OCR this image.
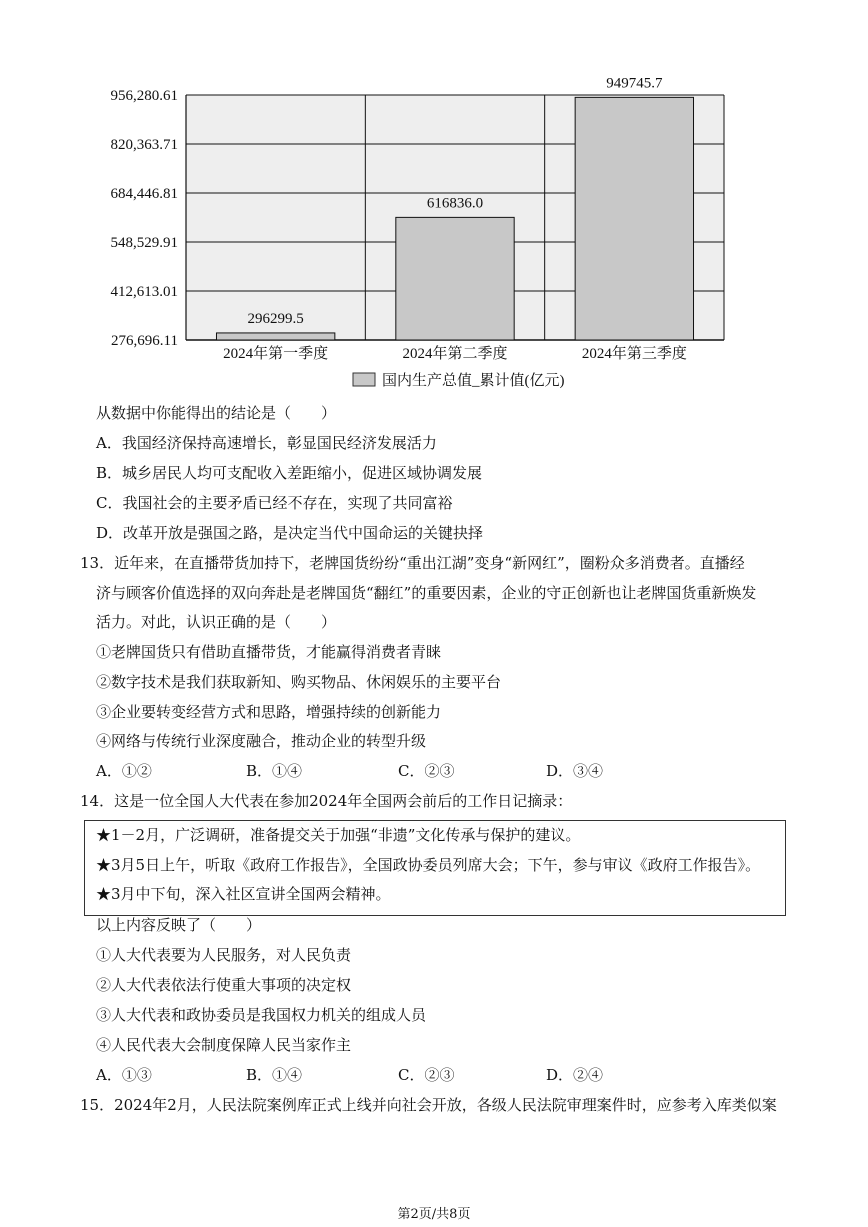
956,280.61
820,363.71
684,446.81
548,529.91
412,613.01
276,696.11
296299.5
616836.0
949745.7
2024年第一季度	2024年第二季度	2024年第三季度
国内生产总值_累计值(亿元)
从数据中你能得出的结论是（　　）
A．我国经济保持高速增长，彰显国民经济发展活力
B．城乡居民人均可支配收入差距缩小，促进区域协调发展
C．我国社会的主要矛盾已经不存在，实现了共同富裕
D．改革开放是强国之路，是决定当代中国命运的关键抉择
13．近年来，在直播带货加持下，老牌国货纷纷“重出江湖”变身“新网红”，圈粉众多消费者。直播经
济与顾客价值选择的双向奔赴是老牌国货“翻红”的重要因素，企业的守正创新也让老牌国货重新焕发
活力。对此，认识正确的是（　　）
①老牌国货只有借助直播带货，才能赢得消费者青睐
②数字技术是我们获取新知、购买物品、休闲娱乐的主要平台
③企业要转变经营方式和思路，增强持续的创新能力
④网络与传统行业深度融合，推动企业的转型升级
A．①②	B．①④	C．②③	D．③④
14．这是一位全国人大代表在参加2024年全国两会前后的工作日记摘录：
★1－2月，广泛调研，准备提交关于加强“非遗”文化传承与保护的建议。
★3月5日上午，听取《政府工作报告》，全国政协委员列席大会；下午，参与审议《政府工作报告》。
★3月中下旬，深入社区宣讲全国两会精神。
以上内容反映了（　　）
①人大代表要为人民服务，对人民负责
②人大代表依法行使重大事项的决定权
③人大代表和政协委员是我国权力机关的组成人员
④人民代表大会制度保障人民当家作主
A．①③	B．①④	C．②③	D．②④
15．2024年2月，人民法院案例库正式上线并向社会开放，各级人民法院审理案件时，应参考入库类似案
第2页/共8页
